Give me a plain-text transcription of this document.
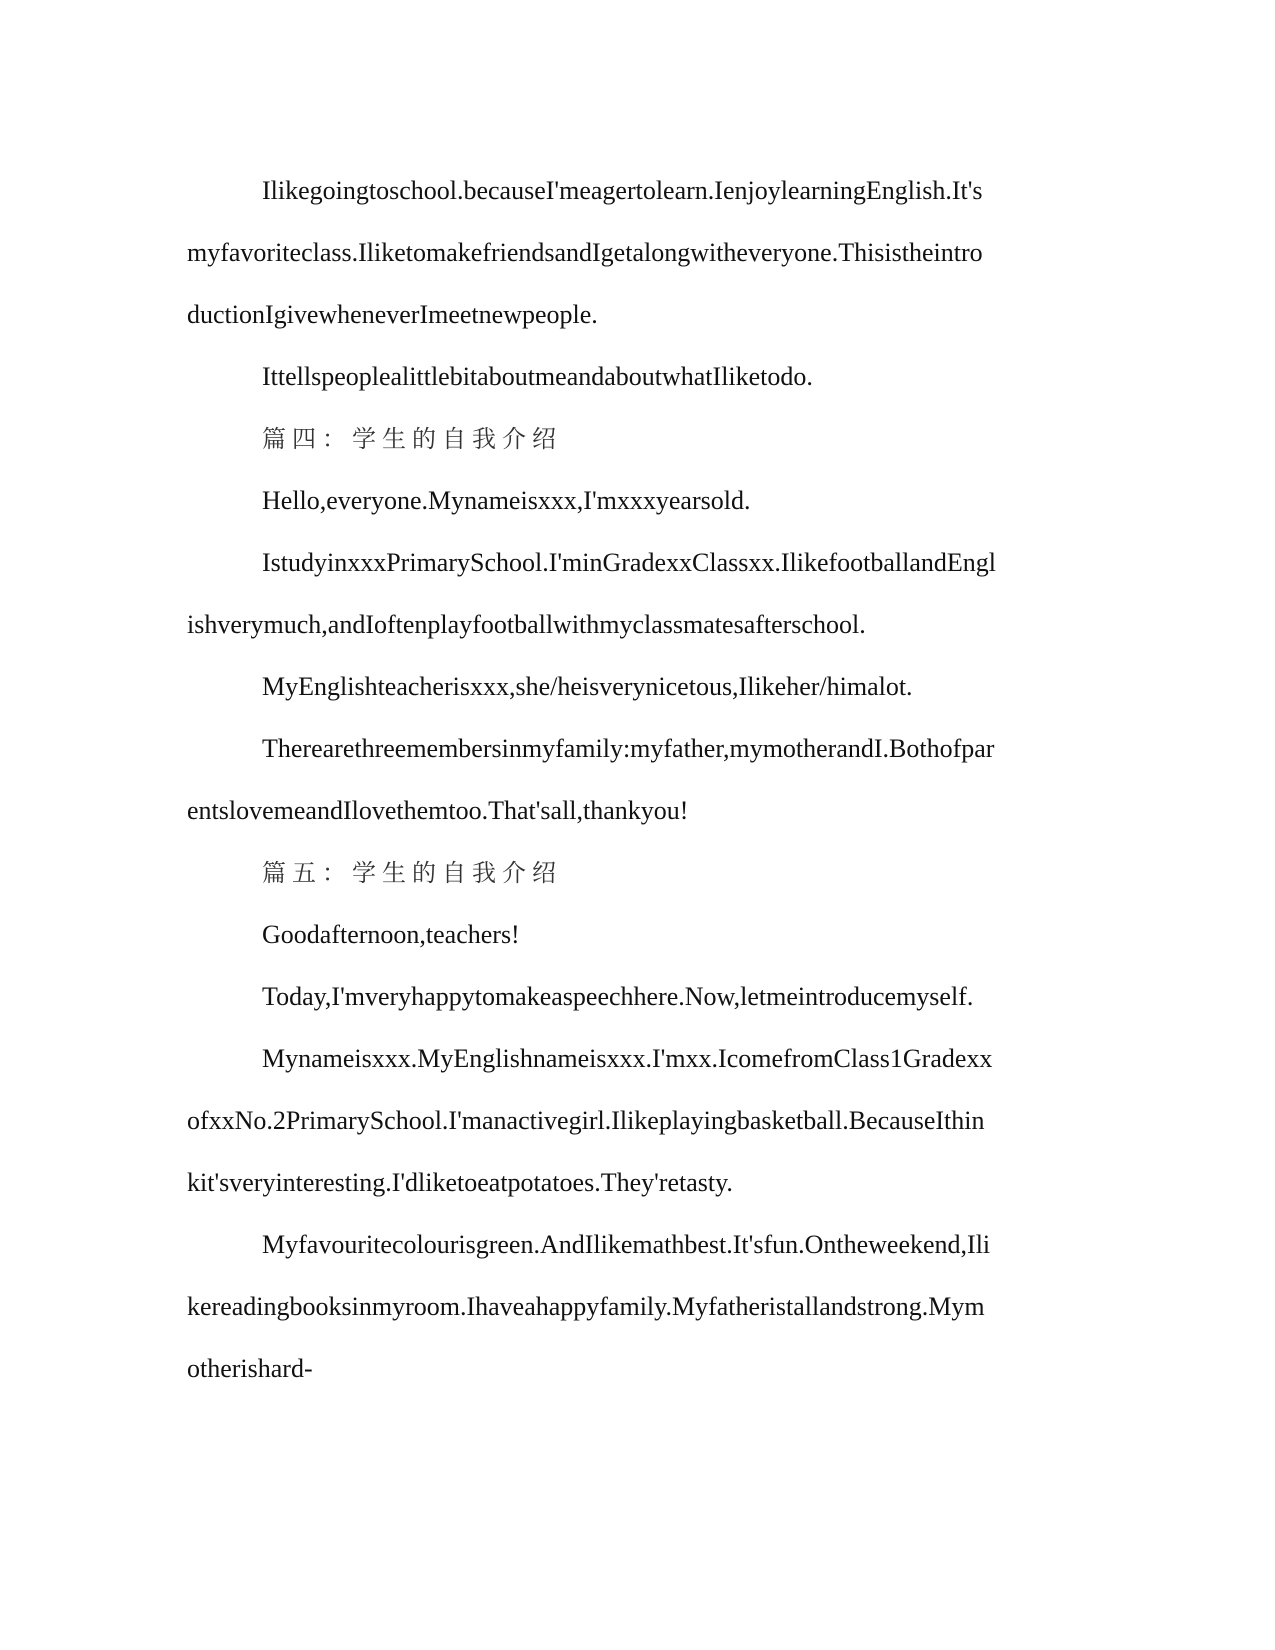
Ilikegoingtoschool.becauseI'meagertolearn.IenjoylearningEnglish.It's
myfavoriteclass.IliketomakefriendsandIgetalongwitheveryone.Thisistheintro
ductionIgivewheneverImeetnewpeople.
IttellspeoplealittlebitaboutmeandaboutwhatIliketodo.
篇四：学生的自我介绍
Hello,everyone.Mynameisxxx,I'mxxxyearsold.
IstudyinxxxPrimarySchool.I'minGradexxClassxx.IlikefootballandEngl
ishverymuch,andIoftenplayfootballwithmyclassmatesafterschool.
MyEnglishteacherisxxx,she/heisverynicetous,Ilikeher/himalot.
Therearethreemembersinmyfamily:myfather,mymotherandI.Bothofpar
entslovemeandIlovethemtoo.That'sall,thankyou!
篇五：学生的自我介绍
Goodafternoon,teachers!
Today,I'mveryhappytomakeaspeechhere.Now,letmeintroducemyself.
Mynameisxxx.MyEnglishnameisxxx.I'mxx.IcomefromClass1Gradexx
ofxxNo.2PrimarySchool.I'manactivegirl.Ilikeplayingbasketball.BecauseIthin
kit'sveryinteresting.I'dliketoeatpotatoes.They'retasty.
Myfavouritecolourisgreen.AndIlikemathbest.It'sfun.Ontheweekend,Ili
kereadingbooksinmyroom.Ihaveahappyfamily.Myfatheristallandstrong.Mym
otherishard-
